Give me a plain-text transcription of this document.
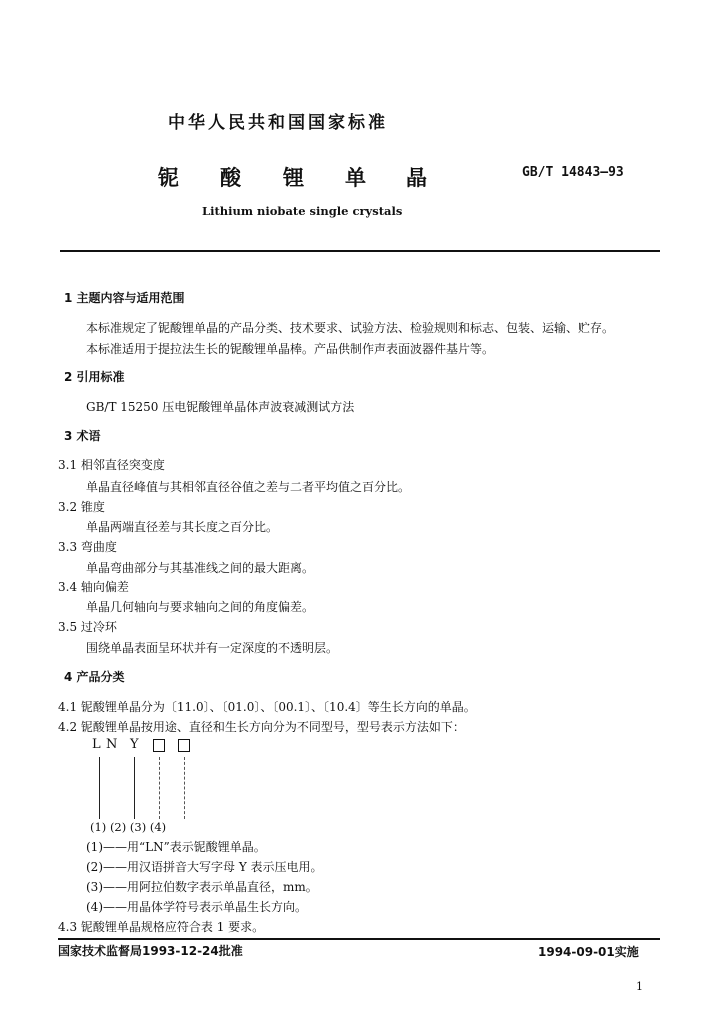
中华人民共和国国家标准
铌 酸 锂 单 晶	GB/T 14843—93
Lithium niobate single crystals
1 主题内容与适用范围
本标准规定了铌酸锂单晶的产品分类、技术要求、试验方法、检验规则和标志、包装、运输、贮存。
本标准适用于提拉法生长的铌酸锂单晶棒。产品供制作声表面波器件基片等。
2 引用标准
GB/T 15250 压电铌酸锂单晶体声波衰减测试方法
3 术语
3.1 相邻直径突变度
单晶直径峰值与其相邻直径谷值之差与二者平均值之百分比。
3.2 锥度
单晶两端直径差与其长度之百分比。
3.3 弯曲度
单晶弯曲部分与其基准线之间的最大距离。
3.4 轴向偏差
单晶几何轴向与要求轴向之间的角度偏差。
3.5 过冷环
围绕单晶表面呈环状并有一定深度的不透明层。
4 产品分类
4.1 铌酸锂单晶分为〔11.0〕、〔01.0〕、〔00.1〕、〔10.4〕等生长方向的单晶。
4.2 铌酸锂单晶按用途、直径和生长方向分为不同型号，型号表示方法如下：
L N Y
(1) (2) (3) (4)
(1)——用“LN”表示铌酸锂单晶。
(2)——用汉语拼音大写字母 Y 表示压电用。
(3)——用阿拉伯数字表示单晶直径，mm。
(4)——用晶体学符号表示单晶生长方向。
4.3 铌酸锂单晶规格应符合表 1 要求。
国家技术监督局1993-12-24批准	1994-09-01实施
1
